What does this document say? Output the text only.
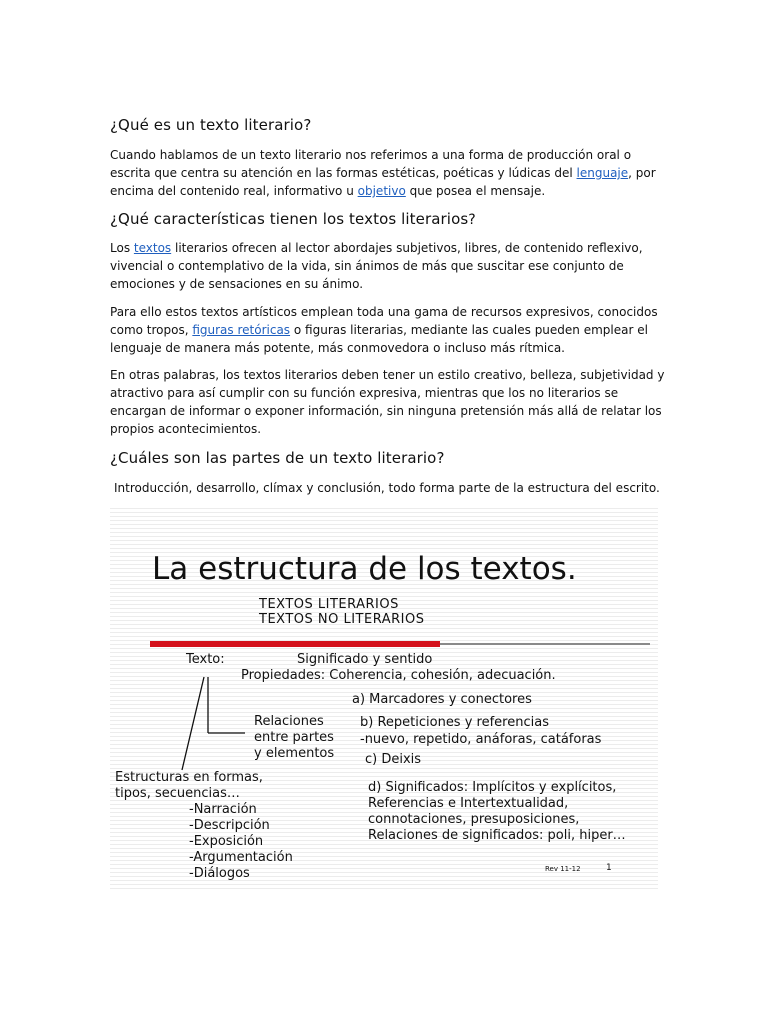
¿Qué es un texto literario?

Cuando hablamos de un texto literario nos referimos a una forma de producción oral o escrita que centra su atención en las formas estéticas, poéticas y lúdicas del lenguaje, por encima del contenido real, informativo u objetivo que posea el mensaje.

¿Qué características tienen los textos literarios?

Los textos literarios ofrecen al lector abordajes subjetivos, libres, de contenido reflexivo, vivencial o contemplativo de la vida, sin ánimos de más que suscitar ese conjunto de emociones y de sensaciones en su ánimo.

Para ello estos textos artísticos emplean toda una gama de recursos expresivos, conocidos como tropos, figuras retóricas o figuras literarias, mediante las cuales pueden emplear el lenguaje de manera más potente, más conmovedora o incluso más rítmica.

En otras palabras, los textos literarios deben tener un estilo creativo, belleza, subjetividad y atractivo para así cumplir con su función expresiva, mientras que los no literarios se encargan de informar o exponer información, sin ninguna pretensión más allá de relatar los propios acontecimientos.

¿Cuáles son las partes de un texto literario?

Introducción, desarrollo, clímax y conclusión, todo forma parte de la estructura del escrito.

La estructura de los textos.
TEXTOS LITERARIOS
TEXTOS NO LITERARIOS
Texto:	Significado y sentido
Propiedades: Coherencia, cohesión, adecuación.
a) Marcadores y conectores
Relaciones
entre partes
y elementos
b) Repeticiones y referencias
-nuevo, repetido, anáforas, catáforas
c) Deixis
Estructuras en formas,
tipos, secuencias…
-Narración
-Descripción
-Exposición
-Argumentación
-Diálogos
d) Significados: Implícitos y explícitos,
Referencias e Intertextualidad,
connotaciones, presuposiciones,
Relaciones de significados: poli, hiper…
Rev 11-12	1
